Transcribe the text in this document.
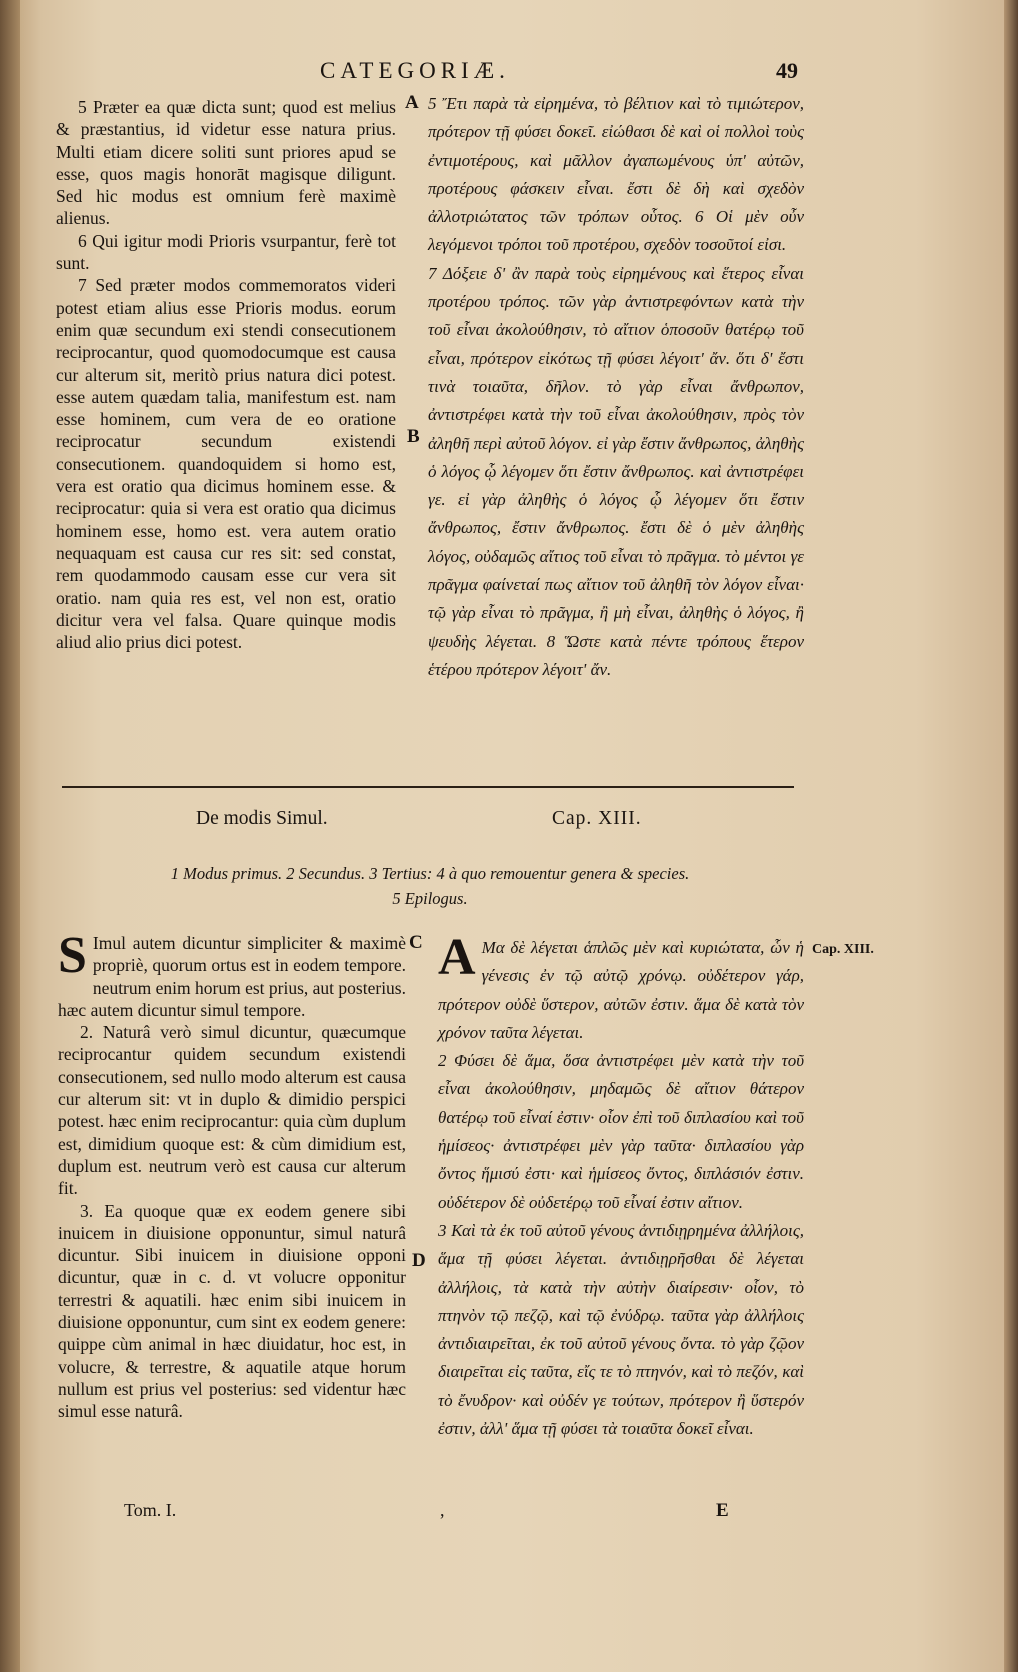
CATEGORIÆ.	49

5 Præter ea quæ dicta sunt; quod est melius & præstantius, id videtur esse natura prius. Multi etiam dicere soliti sunt priores apud se esse, quos magis honorāt magisque diligunt. Sed hic modus est omnium ferè maximè alienus.

6 Qui igitur modi Prioris vsurpantur, ferè tot sunt.

7 Sed præter modos commemoratos videri potest etiam alius esse Prioris modus. eorum enim quæ secundum exi stendi consecutionem reciprocantur, quod quomodocumque est causa cur alterum sit, meritò prius natura dici potest. esse autem quædam talia, manifestum est. nam esse hominem, cum vera de eo oratione reciprocatur secundum existendi consecutionem. quandoquidem si homo est, vera est oratio qua dicimus hominem esse. & reciprocatur: quia si vera est oratio qua dicimus hominem esse, homo est. vera autem oratio nequaquam est causa cur res sit: sed constat, rem quodammodo causam esse cur vera sit oratio. nam quia res est, vel non est, oratio dicitur vera vel falsa. Quare quinque modis aliud alio prius dici potest.

A
B

5 Ἔτι παρὰ τὰ εἰρημένα, τὸ βέλτιον καὶ τὸ τιμιώτερον, πρότερον τῇ φύσει δοκεῖ. εἰώθασι δὲ καὶ οἱ πολλοὶ τοὺς ἐντιμοτέρους, καὶ μᾶλλον ἀγαπωμένους ὑπ' αὐτῶν, προτέρους φάσκειν εἶναι. ἔστι δὲ δὴ καὶ σχεδὸν ἀλλοτριώτατος τῶν τρόπων οὗτος. 6 Οἱ μὲν οὖν λεγόμενοι τρόποι τοῦ προτέρου, σχεδὸν τοσοῦτοί εἰσι.

7 Δόξειε δ' ἂν παρὰ τοὺς εἰρημένους καὶ ἕτερος εἶναι προτέρου τρόπος. τῶν γὰρ ἀντιστρεφόντων κατὰ τὴν τοῦ εἶναι ἀκολούθησιν, τὸ αἴτιον ὁποσοῦν θατέρῳ τοῦ εἶναι, πρότερον εἰκότως τῇ φύσει λέγοιτ' ἄν. ὅτι δ' ἔστι τινὰ τοιαῦτα, δῆλον. τὸ γὰρ εἶναι ἄνθρωπον, ἀντιστρέφει κατὰ τὴν τοῦ εἶναι ἀκολούθησιν, πρὸς τὸν ἀληθῆ περὶ αὐτοῦ λόγον. εἰ γὰρ ἔστιν ἄνθρωπος, ἀληθὴς ὁ λόγος ᾧ λέγομεν ὅτι ἔστιν ἄνθρωπος. καὶ ἀντιστρέφει γε. εἰ γὰρ ἀληθὴς ὁ λόγος ᾧ λέγομεν ὅτι ἔστιν ἄνθρωπος, ἔστιν ἄνθρωπος. ἔστι δὲ ὁ μὲν ἀληθὴς λόγος, οὐδαμῶς αἴτιος τοῦ εἶναι τὸ πρᾶγμα. τὸ μέντοι γε πρᾶγμα φαίνεταί πως αἴτιον τοῦ ἀληθῆ τὸν λόγον εἶναι· τῷ γὰρ εἶναι τὸ πρᾶγμα, ἢ μὴ εἶναι, ἀληθὴς ὁ λόγος, ἢ ψευδὴς λέγεται. 8 Ὥστε κατὰ πέντε τρόπους ἕτερον ἑτέρου πρότερον λέγοιτ' ἄν.

De modis Simul.	Cap. XIII.
1 Modus primus. 2 Secundus. 3 Tertius: 4 à quo remouentur genera & species.
5 Epilogus.

S Imul autem dicuntur simpliciter & maximè propriè, quorum ortus est in eodem tempore. neutrum enim horum est prius, aut posterius. hæc autem dicuntur simul tempore.

2. Naturâ verò simul dicuntur, quæcumque reciprocantur quidem secundum existendi consecutionem, sed nullo modo alterum est causa cur alterum sit: vt in duplo & dimidio perspici potest. hæc enim reciprocantur: quia cùm duplum est, dimidium quoque est: & cùm dimidium est, duplum est. neutrum verò est causa cur alterum fit.

3. Ea quoque quæ ex eodem genere sibi inuicem in diuisione opponuntur, simul naturâ dicuntur. Sibi inuicem in diuisione opponi dicuntur, quæ in c. d. vt volucre opponitur terrestri & aquatili. hæc enim sibi inuicem in diuisione opponuntur, cum sint ex eodem genere: quippe cùm animal in hæc diuidatur, hoc est, in volucre, & terrestre, & aquatile atque horum nullum est prius vel posterius: sed videntur hæc simul esse naturâ.

C
D

A Μα δὲ λέγεται ἁπλῶς μὲν καὶ κυριώτατα, ὧν ἡ γένεσις ἐν τῷ αὐτῷ χρόνῳ. οὐδέτερον γάρ, πρότερον οὐδὲ ὕστερον, αὐτῶν ἐστιν. ἅμα δὲ κατὰ τὸν χρόνον ταῦτα λέγεται.

2 Φύσει δὲ ἅμα, ὅσα ἀντιστρέφει μὲν κατὰ τὴν τοῦ εἶναι ἀκολούθησιν, μηδαμῶς δὲ αἴτιον θάτερον θατέρῳ τοῦ εἶναί ἐστιν· οἷον ἐπὶ τοῦ διπλασίου καὶ τοῦ ἡμίσεος· ἀντιστρέφει μὲν γὰρ ταῦτα· διπλασίου γὰρ ὄντος ἥμισύ ἐστι· καὶ ἡμίσεος ὄντος, διπλάσιόν ἐστιν. οὐδέτερον δὲ οὐδετέρῳ τοῦ εἶναί ἐστιν αἴτιον.

3 Καὶ τὰ ἐκ τοῦ αὐτοῦ γένους ἀντιδιῃρημένα ἀλλήλοις, ἅμα τῇ φύσει λέγεται. ἀντιδιῃρῆσθαι δὲ λέγεται ἀλλήλοις, τὰ κατὰ τὴν αὐτὴν διαίρεσιν· οἷον, τὸ πτηνὸν τῷ πεζῷ, καὶ τῷ ἐνύδρῳ. ταῦτα γὰρ ἀλλήλοις ἀντιδιαιρεῖται, ἐκ τοῦ αὐτοῦ γένους ὄντα. τὸ γὰρ ζῷον διαιρεῖται εἰς ταῦτα, εἴς τε τὸ πτηνόν, καὶ τὸ πεζόν, καὶ τὸ ἔνυδρον· καὶ οὐδέν γε τούτων, πρότερον ἢ ὕστερόν ἐστιν, ἀλλ' ἅμα τῇ φύσει τὰ τοιαῦτα δοκεῖ εἶναι.

Cap. XIII.
Tom. I.	,	E
